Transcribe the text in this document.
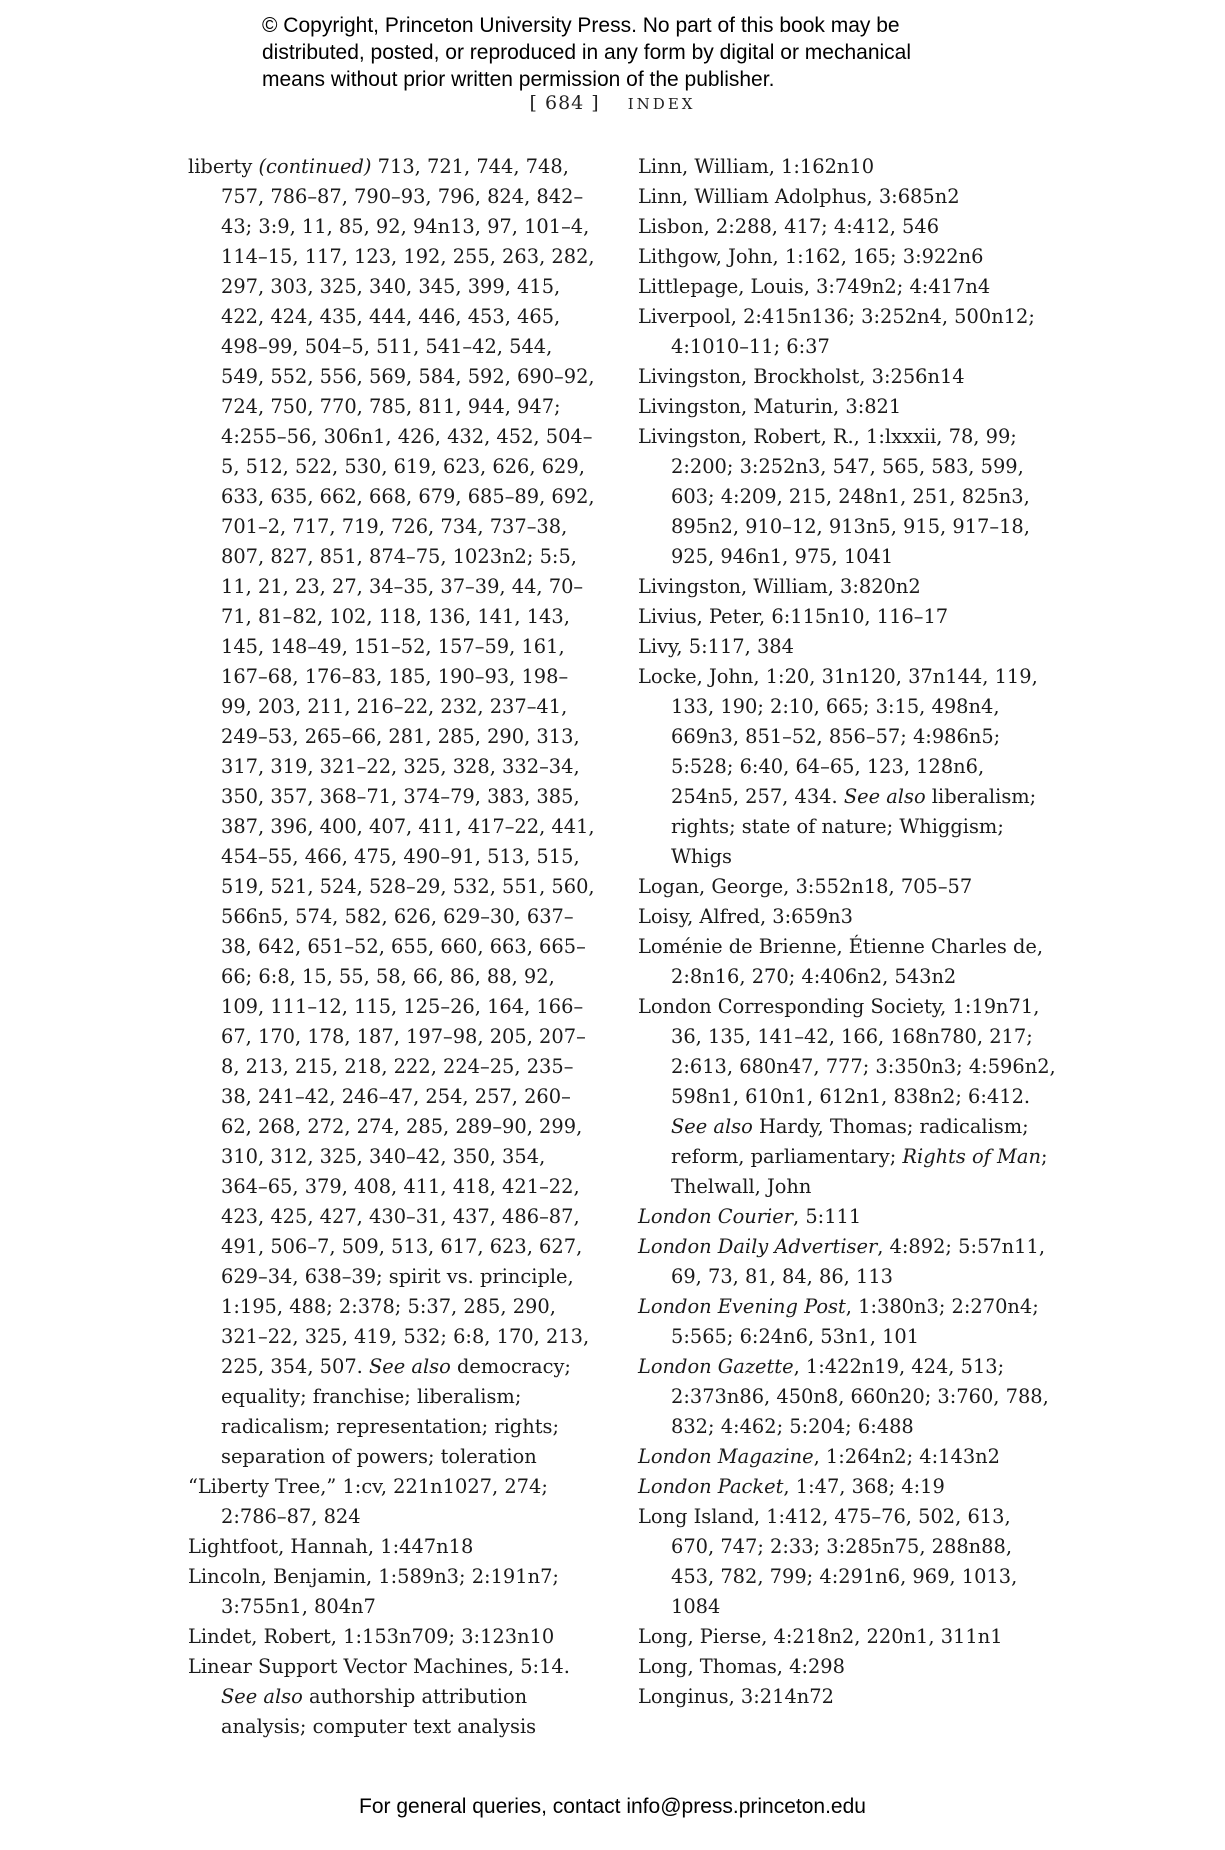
© Copyright, Princeton University Press. No part of this book may be
distributed, posted, or reproduced in any form by digital or mechanical
means without prior written permission of the publisher.
[ 684 ] INDEX
liberty (continued) 713, 721, 744, 748, 757, 786–87, 790–93, 796, 824, 842–43; 3:9, 11, 85, 92, 94n13, 97, 101–4, 114–15, 117, 123, 192, 255, 263, 282, 297, 303, 325, 340, 345, 399, 415, 422, 424, 435, 444, 446, 453, 465, 498–99, 504–5, 511, 541–42, 544, 549, 552, 556, 569, 584, 592, 690–92, 724, 750, 770, 785, 811, 944, 947; 4:255–56, 306n1, 426, 432, 452, 504–5, 512, 522, 530, 619, 623, 626, 629, 633, 635, 662, 668, 679, 685–89, 692, 701–2, 717, 719, 726, 734, 737–38, 807, 827, 851, 874–75, 1023n2; 5:5, 11, 21, 23, 27, 34–35, 37–39, 44, 70–71, 81–82, 102, 118, 136, 141, 143, 145, 148–49, 151–52, 157–59, 161, 167–68, 176–83, 185, 190–93, 198–99, 203, 211, 216–22, 232, 237–41, 249–53, 265–66, 281, 285, 290, 313, 317, 319, 321–22, 325, 328, 332–34, 350, 357, 368–71, 374–79, 383, 385, 387, 396, 400, 407, 411, 417–22, 441, 454–55, 466, 475, 490–91, 513, 515, 519, 521, 524, 528–29, 532, 551, 560, 566n5, 574, 582, 626, 629–30, 637–38, 642, 651–52, 655, 660, 663, 665–66; 6:8, 15, 55, 58, 66, 86, 88, 92, 109, 111–12, 115, 125–26, 164, 166–67, 170, 178, 187, 197–98, 205, 207–8, 213, 215, 218, 222, 224–25, 235–38, 241–42, 246–47, 254, 257, 260–62, 268, 272, 274, 285, 289–90, 299, 310, 312, 325, 340–42, 350, 354, 364–65, 379, 408, 411, 418, 421–22, 423, 425, 427, 430–31, 437, 486–87, 491, 506–7, 509, 513, 617, 623, 627, 629–34, 638–39; spirit vs. principle, 1:195, 488; 2:378; 5:37, 285, 290, 321–22, 325, 419, 532; 6:8, 170, 213, 225, 354, 507. See also democracy; equality; franchise; liberalism; radicalism; representation; rights; separation of powers; toleration
“Liberty Tree,” 1:cv, 221n1027, 274; 2:786–87, 824
Lightfoot, Hannah, 1:447n18
Lincoln, Benjamin, 1:589n3; 2:191n7; 3:755n1, 804n7
Lindet, Robert, 1:153n709; 3:123n10
Linear Support Vector Machines, 5:14. See also authorship attribution analysis; computer text analysis
Linn, William, 1:162n10
Linn, William Adolphus, 3:685n2
Lisbon, 2:288, 417; 4:412, 546
Lithgow, John, 1:162, 165; 3:922n6
Littlepage, Louis, 3:749n2; 4:417n4
Liverpool, 2:415n136; 3:252n4, 500n12; 4:1010–11; 6:37
Livingston, Brockholst, 3:256n14
Livingston, Maturin, 3:821
Livingston, Robert, R., 1:lxxxii, 78, 99; 2:200; 3:252n3, 547, 565, 583, 599, 603; 4:209, 215, 248n1, 251, 825n3, 895n2, 910–12, 913n5, 915, 917–18, 925, 946n1, 975, 1041
Livingston, William, 3:820n2
Livius, Peter, 6:115n10, 116–17
Livy, 5:117, 384
Locke, John, 1:20, 31n120, 37n144, 119, 133, 190; 2:10, 665; 3:15, 498n4, 669n3, 851–52, 856–57; 4:986n5; 5:528; 6:40, 64–65, 123, 128n6, 254n5, 257, 434. See also liberalism; rights; state of nature; Whiggism; Whigs
Logan, George, 3:552n18, 705–57
Loisy, Alfred, 3:659n3
Loménie de Brienne, Étienne Charles de, 2:8n16, 270; 4:406n2, 543n2
London Corresponding Society, 1:19n71, 36, 135, 141–42, 166, 168n780, 217; 2:613, 680n47, 777; 3:350n3; 4:596n2, 598n1, 610n1, 612n1, 838n2; 6:412. See also Hardy, Thomas; radicalism; reform, parliamentary; Rights of Man; Thelwall, John
London Courier, 5:111
London Daily Advertiser, 4:892; 5:57n11, 69, 73, 81, 84, 86, 113
London Evening Post, 1:380n3; 2:270n4; 5:565; 6:24n6, 53n1, 101
London Gazette, 1:422n19, 424, 513; 2:373n86, 450n8, 660n20; 3:760, 788, 832; 4:462; 5:204; 6:488
London Magazine, 1:264n2; 4:143n2
London Packet, 1:47, 368; 4:19
Long Island, 1:412, 475–76, 502, 613, 670, 747; 2:33; 3:285n75, 288n88, 453, 782, 799; 4:291n6, 969, 1013, 1084
Long, Pierse, 4:218n2, 220n1, 311n1
Long, Thomas, 4:298
Longinus, 3:214n72
For general queries, contact info@press.princeton.edu
